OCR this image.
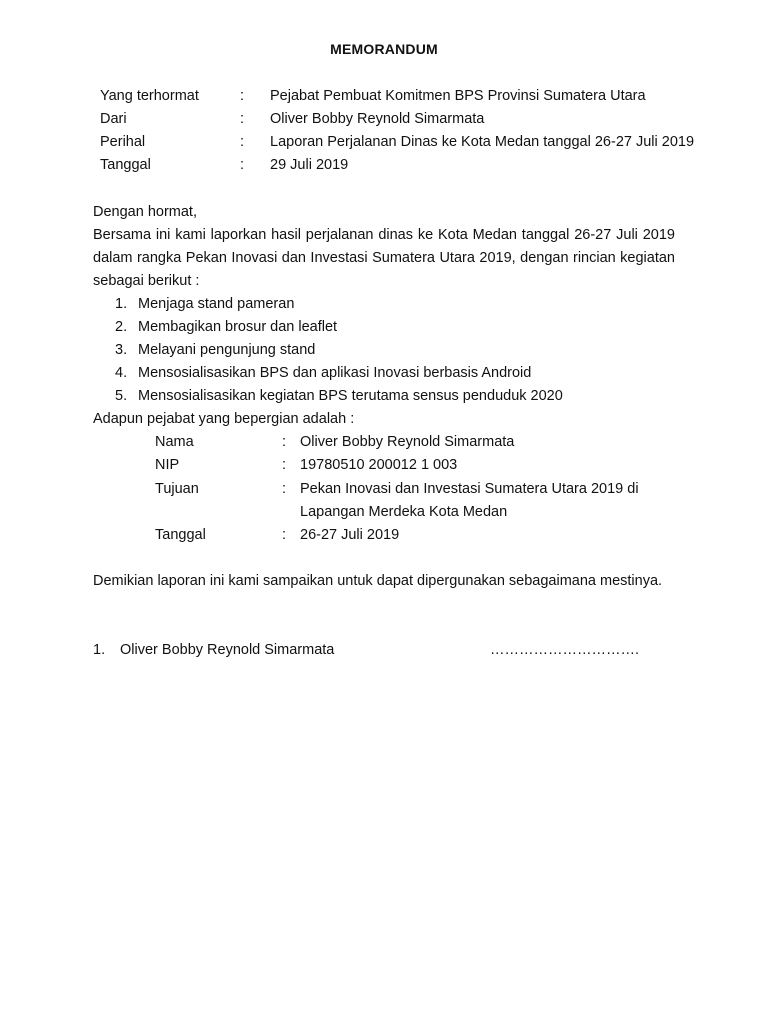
MEMORANDUM
Yang terhormat	: Pejabat Pembuat Komitmen BPS Provinsi Sumatera Utara
Dari	: Oliver Bobby Reynold Simarmata
Perihal	: Laporan Perjalanan Dinas ke Kota Medan tanggal 26-27 Juli 2019
Tanggal	: 29 Juli 2019
Dengan hormat,
Bersama ini kami laporkan hasil perjalanan dinas ke Kota Medan tanggal 26-27 Juli 2019
dalam rangka Pekan Inovasi dan Investasi Sumatera Utara 2019, dengan rincian kegiatan
sebagai berikut :
1. Menjaga stand pameran
2. Membagikan brosur dan leaflet
3. Melayani pengunjung stand
4. Mensosialisasikan BPS dan aplikasi Inovasi berbasis Android
5. Mensosialisasikan kegiatan BPS terutama sensus penduduk 2020
Adapun pejabat yang bepergian adalah :
Nama	: Oliver Bobby Reynold Simarmata
NIP	: 19780510 200012 1 003
Tujuan	: Pekan Inovasi dan Investasi Sumatera Utara 2019 di
Lapangan Merdeka Kota Medan
Tanggal	: 26-27 Juli 2019
Demikian laporan ini kami sampaikan untuk dapat dipergunakan sebagaimana mestinya.
1. Oliver Bobby Reynold Simarmata	………………………….
